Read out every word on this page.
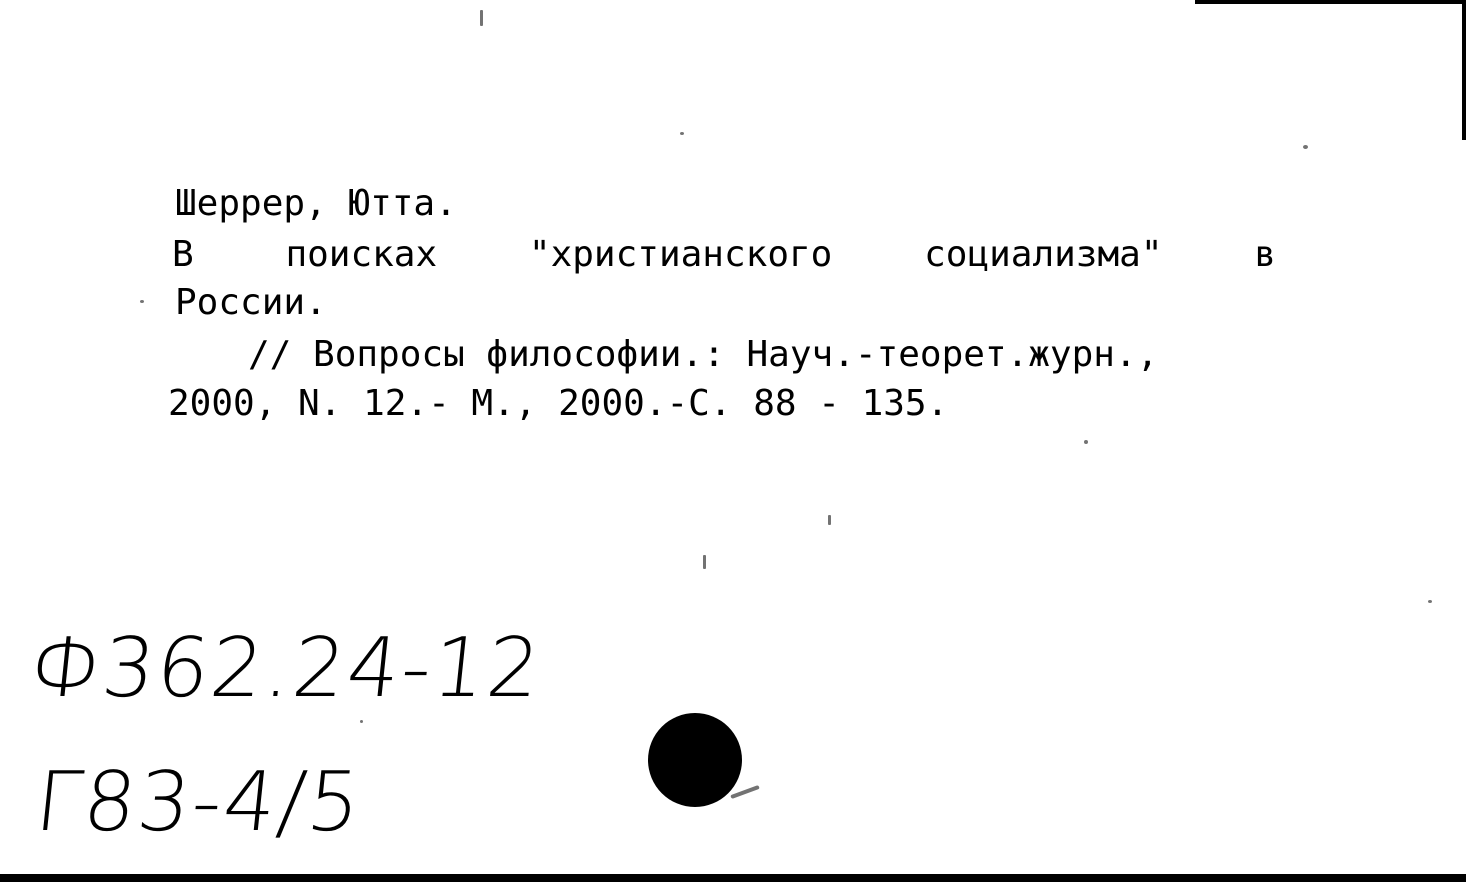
Шеррер, Ютта.
В	поисках	"христианского	социализма"	в
России.
// Вопросы философии.: Науч.-теорет.журн.,
2000, N. 12.- М., 2000.-С. 88 - 135.
Ф362.24-12
Г83-4/5
